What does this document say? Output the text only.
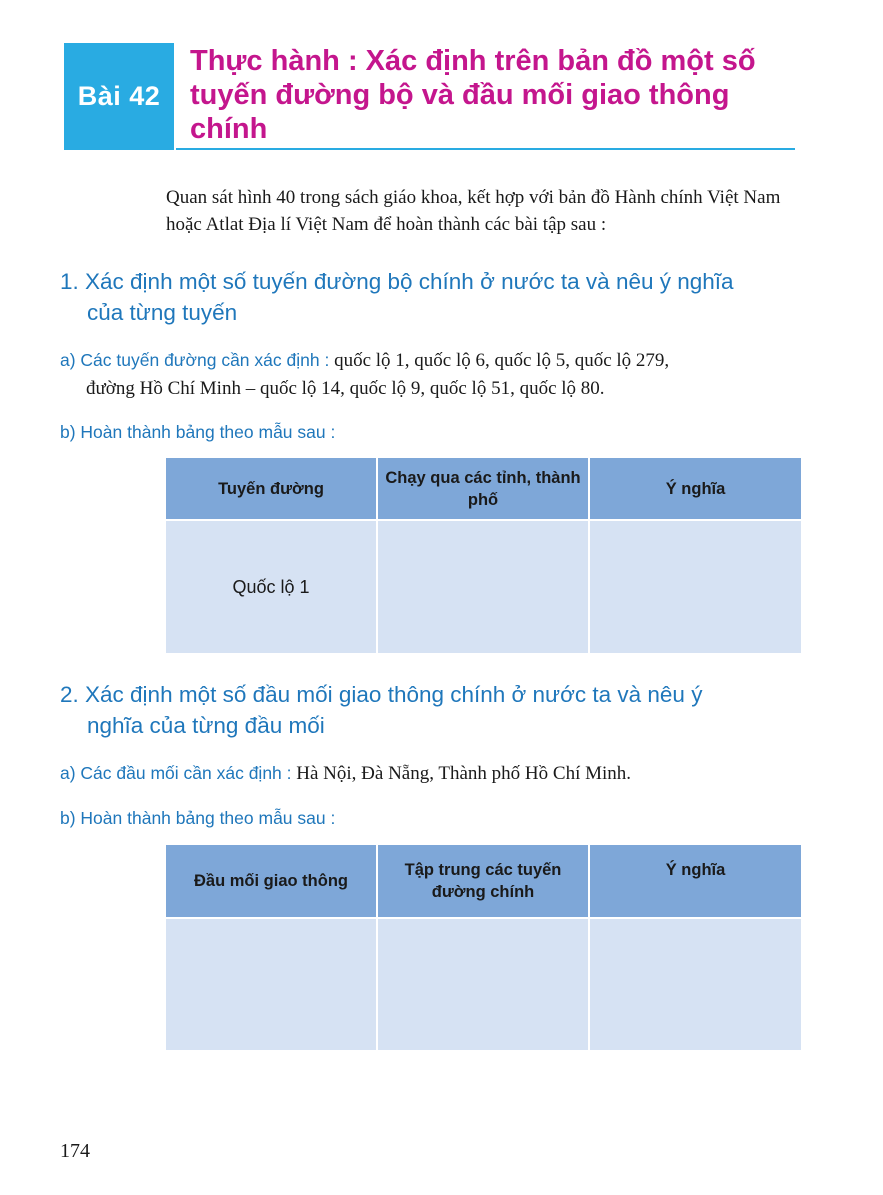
Bài 42
Thực hành : Xác định trên bản đồ một số tuyến đường bộ và đầu mối giao thông chính
Quan sát hình 40 trong sách giáo khoa, kết hợp với bản đồ Hành chính Việt Nam hoặc Atlat Địa lí Việt Nam để hoàn thành các bài tập sau :
1. Xác định một số tuyến đường bộ chính ở nước ta và nêu ý nghĩa
của từng tuyến
a) Các tuyến đường cần xác định : quốc lộ 1, quốc lộ 6, quốc lộ 5, quốc lộ 279,
đường Hồ Chí Minh – quốc lộ 14, quốc lộ 9, quốc lộ 51, quốc lộ 80.
b) Hoàn thành bảng theo mẫu sau :
Tuyến đường	Chạy qua các tỉnh, thành phố	Ý nghĩa
Quốc lộ 1		
2. Xác định một số đầu mối giao thông chính ở nước ta và nêu ý
nghĩa của từng đầu mối
a) Các đầu mối cần xác định : Hà Nội, Đà Nẵng, Thành phố Hồ Chí Minh.
b) Hoàn thành bảng theo mẫu sau :
Đầu mối giao thông	Tập trung các tuyến đường chính	Ý nghĩa

174
